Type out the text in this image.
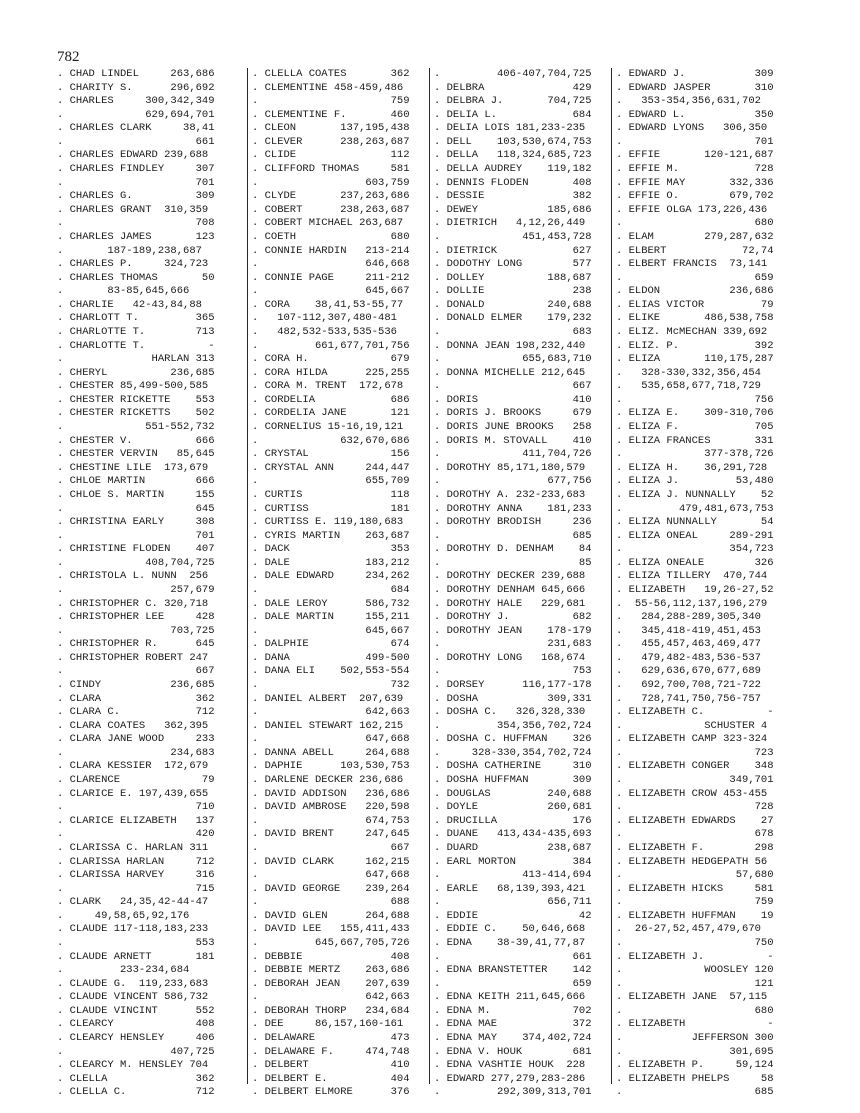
782
. CHAD LINDEL     263,686
. CHARITY S.      296,692
. CHARLES     300,342,349
.             629,694,701
. CHARLES CLARK     38,41
.                     661
. CHARLES EDWARD 239,688
. CHARLES FINDLEY     307
.                     701
. CHARLES G.          309
. CHARLES GRANT  310,359
.                     708
. CHARLES JAMES       123
.       187-189,238,687
. CHARLES P.     324,723
. CHARLES THOMAS       50
.       83-85,645,666
. CHARLIE   42-43,84,88
. CHARLOTT T.         365
. CHARLOTTE T.        713
. CHARLOTTE T.          -
.              HARLAN 313
. CHERYL          236,685
. CHESTER 85,499-500,585
. CHESTER RICKETTE    553
. CHESTER RICKETTS    502
.             551-552,732
. CHESTER V.          666
. CHESTER VERVIN   85,645
. CHESTINE LILE  173,679
. CHLOE MARTIN        666
. CHLOE S. MARTIN     155
.                     645
. CHRISTINA EARLY     308
.                     701
. CHRISTINE FLODEN    407
.             408,704,725
. CHRISTOLA L. NUNN  256
.                 257,679
. CHRISTOPHER C. 320,718
. CHRISTOPHER LEE     428
.                 703,725
. CHRISTOPHER R.      645
. CHRISTOPHER ROBERT 247
.                     667
. CINDY           236,685
. CLARA               362
. CLARA C.            712
. CLARA COATES   362,395
. CLARA JANE WOOD     233
.                 234,683
. CLARA KESSIER  172,679
. CLARENCE             79
. CLARICE E. 197,439,655
.                     710
. CLARICE ELIZABETH   137
.                     420
. CLARISSA C. HARLAN 311
. CLARISSA HARLAN     712
. CLARISSA HARVEY     316
.                     715
. CLARK   24,35,42-44-47
.     49,58,65,92,176
. CLAUDE 117-118,183,233
.                     553
. CLAUDE ARNETT       181
.         233-234,684
. CLAUDE G.  119,233,683
. CLAUDE VINCENT 586,732
. CLAUDE VINCINT      552
. CLEARCY             408
. CLEARCY HENSLEY     406
.                 407,725
. CLEARCY M. HENSLEY 704
. CLELLA              362
. CLELLA C.           712
. CLELLA COATES       362
. CLEMENTINE 458-459,486
.                     759
. CLEMENTINE F.       460
. CLEON       137,195,438
. CLEVER      238,263,687
. CLIDE               112
. CLIFFORD THOMAS     581
.                 603,759
. CLYDE       237,263,686
. COBERT      238,263,687
. COBERT MICHAEL 263,687
. COETH               680
. CONNIE HARDIN   213-214
.                 646,668
. CONNIE PAGE     211-212
.                 645,667
. CORA    38,41,53-55,77
.   107-112,307,480-481
.   482,532-533,535-536
.         661,677,701,756
. CORA H.             679
. CORA HILDA      225,255
. CORA M. TRENT  172,678
. CORDELIA            686
. CORDELIA JANE       121
. CORNELIUS 15-16,19,121
.             632,670,686
. CRYSTAL             156
. CRYSTAL ANN     244,447
.                 655,709
. CURTIS              118
. CURTISS             181
. CURTISS E. 119,180,683
. CYRIS MARTIN    263,687
. DACK                353
. DALE            183,212
. DALE EDWARD     234,262
.                     684
. DALE LEROY      586,732
. DALE MARTIN     155,211
.                 645,667
. DALPHIE             674
. DANA            499-500
. DANA ELI    502,553-554
.                     732
. DANIEL ALBERT  207,639
.                 642,663
. DANIEL STEWART 162,215
.                 647,668
. DANNA ABELL     264,688
. DAPHIE      103,530,753
. DARLENE DECKER 236,686
. DAVID ADDISON   236,686
. DAVID AMBROSE   220,598
.                 674,753
. DAVID BRENT     247,645
.                     667
. DAVID CLARK     162,215
.                 647,668
. DAVID GEORGE    239,264
.                     688
. DAVID GLEN      264,688
. DAVID LEE   155,411,433
.         645,667,705,726
. DEBBIE              408
. DEBBIE MERTZ    263,686
. DEBORAH JEAN    207,639
.                 642,663
. DEBORAH THORP   234,684
. DEE     86,157,160-161
. DELAWARE            473
. DELAWARE F.     474,748
. DELBERT             410
. DELBERT E.          404
. DELBERT ELMORE      376
.         406-407,704,725
. DELBRA              429
. DELBRA J.       704,725
. DELIA L.            684
. DELIA LOIS 181,233-235
. DELL    103,530,674,753
. DELLA   118,324,685,723
. DELLA AUDREY    119,182
. DENNIS FLODEN       408
. DESSIE              382
. DEWEY           185,686
. DIETRICH   4,12,26,449
.             451,453,728
. DIETRICK            627
. DODOTHY LONG        577
. DOLLEY          188,687
. DOLLIE              238
. DONALD          240,688
. DONALD ELMER    179,232
.                     683
. DONNA JEAN 198,232,440
.             655,683,710
. DONNA MICHELLE 212,645
.                     667
. DORIS               410
. DORIS J. BROOKS     679
. DORIS JUNE BROOKS   258
. DORIS M. STOVALL    410
.             411,704,726
. DOROTHY 85,171,180,579
.                 677,756
. DOROTHY A. 232-233,683
. DOROTHY ANNA    181,233
. DOROTHY BRODISH     236
.                     685
. DOROTHY D. DENHAM    84
.                      85
. DOROTHY DECKER 239,688
. DOROTHY DENHAM 645,666
. DOROTHY HALE   229,681
. DOROTHY J.          682
. DOROTHY JEAN    178-179
.                 231,683
. DOROTHY LONG   168,674
.                     753
. DORSEY      116,177-178
. DOSHA           309,331
. DOSHA C.   326,328,330
.         354,356,702,724
. DOSHA C. HUFFMAN    326
.     328-330,354,702,724
. DOSHA CATHERINE     310
. DOSHA HUFFMAN       309
. DOUGLAS         240,688
. DOYLE           260,681
. DRUCILLA            176
. DUANE   413,434-435,693
. DUARD           238,687
. EARL MORTON         384
.             413-414,694
. EARLE   68,139,393,421
.                 656,711
. EDDIE                42
. EDDIE C.    50,646,668
. EDNA    38-39,41,77,87
.                     661
. EDNA BRANSTETTER    142
.                     659
. EDNA KEITH 211,645,666
. EDNA M.             702
. EDNA MAE            372
. EDNA MAY    374,402,724
. EDNA V. HOUK        681
. EDNA VASHTIE HOUK  228
. EDWARD 277,279,283-286
.         292,309,313,701
. EDWARD J.           309
. EDWARD JASPER       310
.   353-354,356,631,702
. EDWARD L.           350
. EDWARD LYONS   306,350
.                     701
. EFFIE       120-121,687
. EFFIE M.            728
. EFFIE MAY       332,336
. EFFIE O.        679,702
. EFFIE OLGA 173,226,436
.                     680
. ELAM        279,287,632
. ELBERT            72,74
. ELBERT FRANCIS  73,141
.                     659
. ELDON           236,686
. ELIAS VICTOR         79
. ELIKE       486,538,758
. ELIZ. McMECHAN 339,692
. ELIZ. P.            392
. ELIZA       110,175,287
.   328-330,332,356,454
.   535,658,677,718,729
.                     756
. ELIZA E.    309-310,706
. ELIZA F.            705
. ELIZA FRANCES       331
.             377-378,726
. ELIZA H.    36,291,728
. ELIZA J.         53,480
. ELIZA J. NUNNALLY    52
.         479,481,673,753
. ELIZA NUNNALLY       54
. ELIZA ONEAL     289-291
.                 354,723
. ELIZA ONEALE        326
. ELIZA TILLERY  470,744
. ELIZABETH   19,26-27,52
.  55-56,112,137,196,279
.   284,288-289,305,340
.   345,418-419,451,453
.   455,457,463,469,477
.   479,482-483,536-537
.   629,636,670,677,689
.   692,700,708,721-722
.   728,741,750,756-757
. ELIZABETH C.          -
.             SCHUSTER 4
. ELIZABETH CAMP 323-324
.                     723
. ELIZABETH CONGER    348
.                 349,701
. ELIZABETH CROW 453-455
.                     728
. ELIZABETH EDWARDS    27
.                     678
. ELIZABETH F.        298
. ELIZABETH HEDGEPATH 56
.                  57,680
. ELIZABETH HICKS     581
.                     759
. ELIZABETH HUFFMAN    19
.  26-27,52,457,479,670
.                     750
. ELIZABETH J.          -
.             WOOSLEY 120
.                     121
. ELIZABETH JANE  57,115
.                     680
. ELIZABETH             -
.           JEFFERSON 300
.                 301,695
. ELIZABETH P.     59,124
. ELIZABETH PHELPS     58
.                     685
